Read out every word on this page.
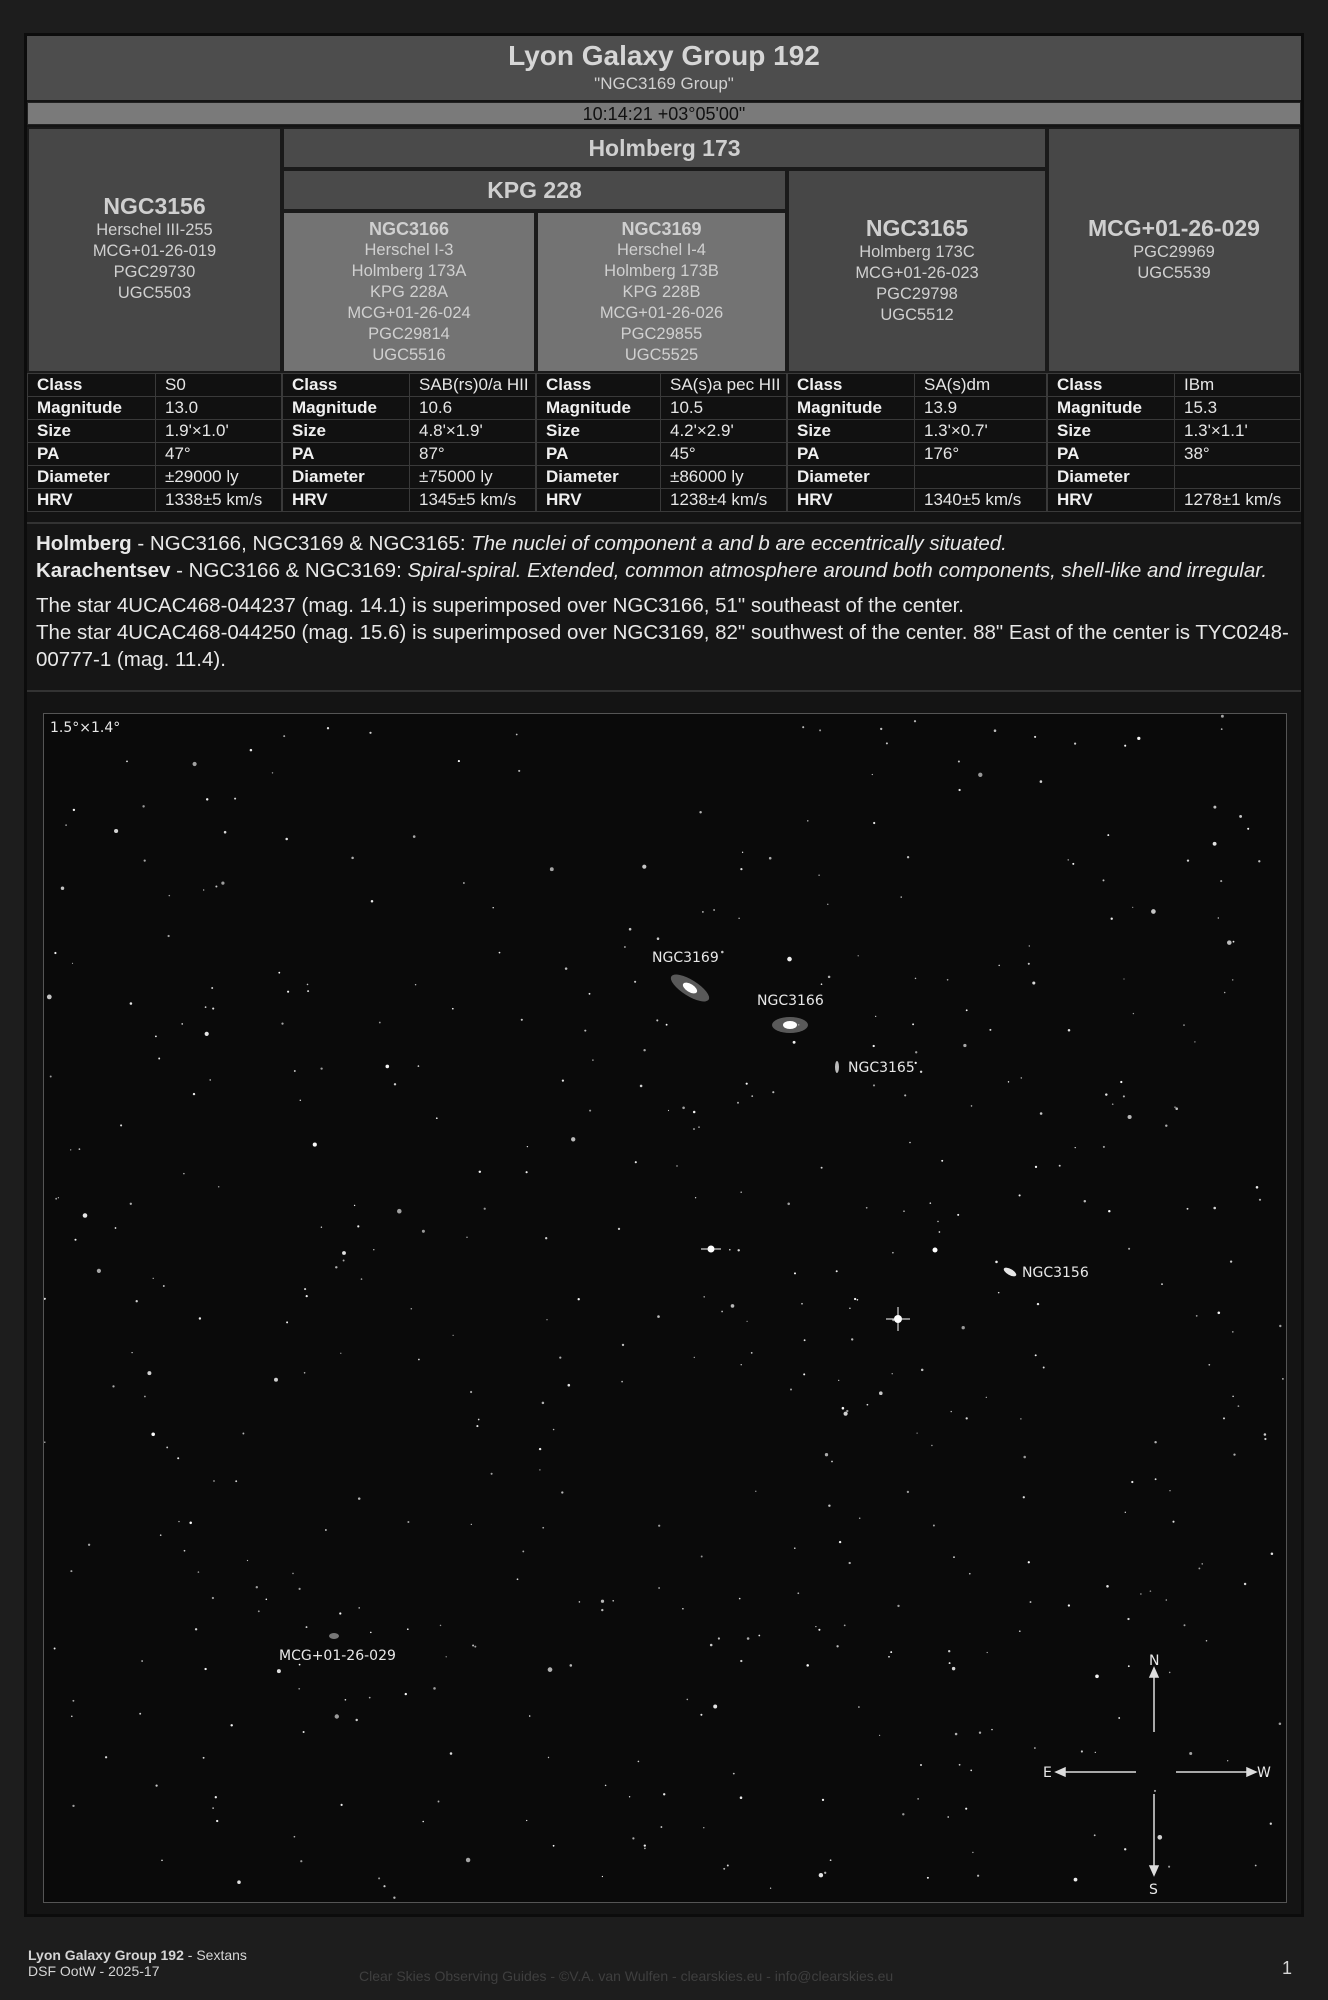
Lyon Galaxy Group 192
"NGC3169 Group"
10:14:21 +03°05'00"
Holmberg 173
KPG 228
NGC3156
Herschel III-255
MCG+01-26-019
PGC29730
UGC5503
NGC3166
Herschel I-3
Holmberg 173A
KPG 228A
MCG+01-26-024
PGC29814
UGC5516
NGC3169
Herschel I-4
Holmberg 173B
KPG 228B
MCG+01-26-026
PGC29855
UGC5525
NGC3165
Holmberg 173C
MCG+01-26-023
PGC29798
UGC5512
MCG+01-26-029
PGC29969
UGC5539
Class	S0
Magnitude	13.0
Size	1.9'×1.0'
PA	47°
Diameter	±29000 ly
HRV	1338±5 km/s
Class	SAB(rs)0/a HII
Magnitude	10.6
Size	4.8'×1.9'
PA	87°
Diameter	±75000 ly
HRV	1345±5 km/s
Class	SA(s)a pec HII
Magnitude	10.5
Size	4.2'×2.9'
PA	45°
Diameter	±86000 ly
HRV	1238±4 km/s
Class	SA(s)dm
Magnitude	13.9
Size	1.3'×0.7'
PA	176°
Diameter	
HRV	1340±5 km/s
Class	IBm
Magnitude	15.3
Size	1.3'×1.1'
PA	38°
Diameter	
HRV	1278±1 km/s

Holmberg - NGC3166, NGC3169 & NGC3165: The nuclei of component a and b are eccentrically situated.

Karachentsev - NGC3166 & NGC3169: Spiral-spiral. Extended, common atmosphere around both components, shell-like and irregular.

The star 4UCAC468-044237 (mag. 14.1) is superimposed over NGC3166, 51" southeast of the center.

The star 4UCAC468-044250 (mag. 15.6) is superimposed over NGC3169, 82" southwest of the center. 88" East of the center is TYC0248-00777-1 (mag. 11.4).

1.5°×1.4°
NGC3169
NGC3166
NGC3165
NGC3156
MCG+01-26-029	N
S
E	W
Lyon Galaxy Group 192 - Sextans
DSF OotW - 2025-17	Clear Skies Observing Guides - ©V.A. van Wulfen - clearskies.eu - info@clearskies.eu	1
